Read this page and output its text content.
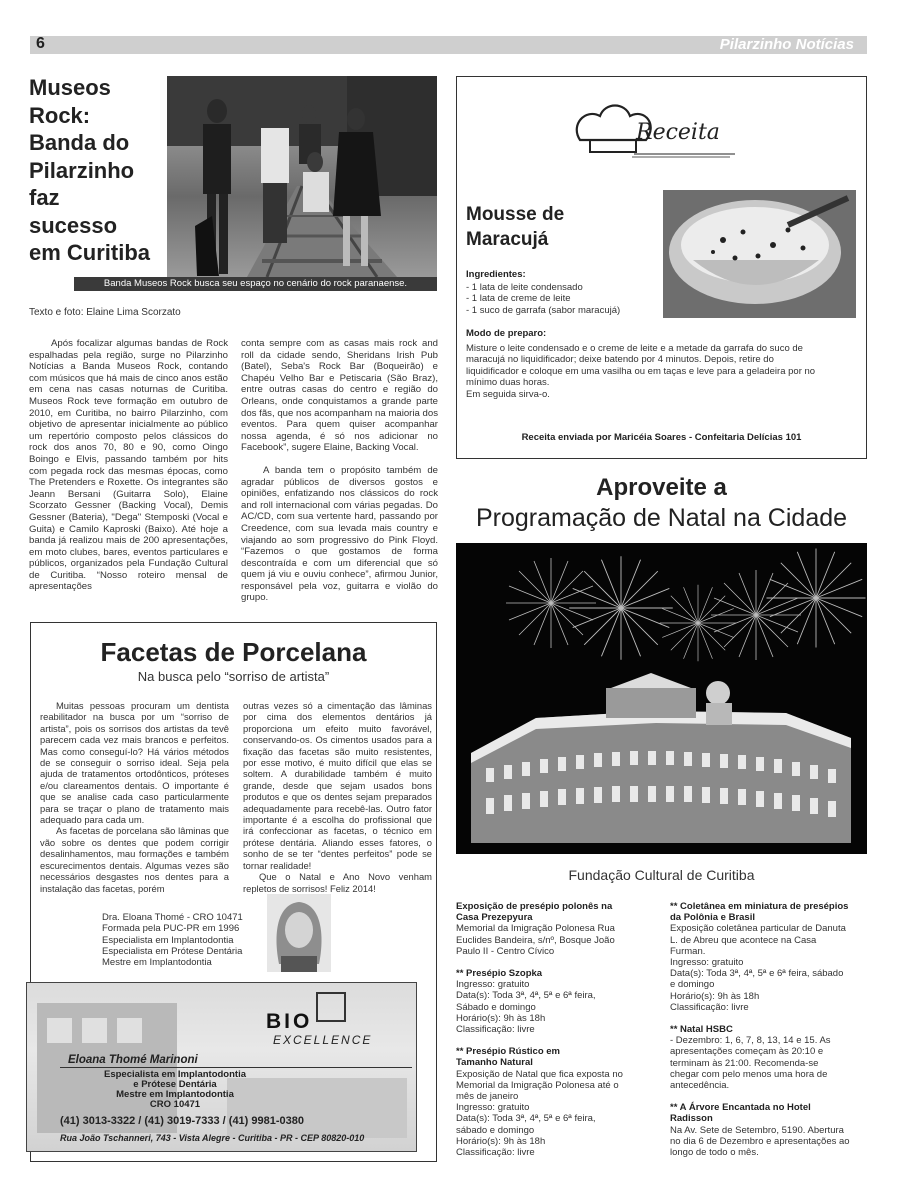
6	Pilarzinho Notícias
Museos
Rock:
Banda do
Pilarzinho
faz
sucesso
em Curitiba
Banda Museos Rock busca seu espaço no cenário do rock paranaense.
Texto e foto: Elaine Lima Scorzato

Após focalizar algumas bandas de Rock espalhadas pela região, surge no Pilarzinho Notícias a Banda Museos Rock, contando com músicos que há mais de cinco anos estão em cena nas casas noturnas de Curitiba. Museos Rock teve formação em outubro de 2010, em Curitiba, no bairro Pilarzinho, com objetivo de apresentar inicialmente ao público um repertório composto pelos clássicos do rock dos anos 70, 80 e 90, como Oingo Boingo e Elvis, passando também por hits com pegada rock das mesmas épocas, como The Pretenders e Roxette. Os integrantes são Jeann Bersani (Guitarra Solo), Elaine Scorzato Gessner (Backing Vocal), Demis Gessner (Bateria), "Dega" Stemposki (Vocal e Guita) e Camilo Kaproski (Baixo). Até hoje a banda já realizou mais de 200 apresentações, em moto clubes, bares, eventos particulares e públicos, organizados pela Fundação Cultural de Curitiba. “Nosso roteiro mensal de apresentações

conta sempre com as casas mais rock and roll da cidade sendo, Sheridans Irish Pub (Batel), Seba's Rock Bar (Boqueirão) e Chapéu Velho Bar e Petiscaria (São Braz), entre outras casas do centro e região do Orleans, onde conquistamos a grande parte dos fãs, que nos acompanham na maioria dos eventos. Para quem quiser acompanhar nossa agenda, é só nos adicionar no Facebook”, sugere Elaine, Backing Vocal.

A banda tem o propósito também de agradar públicos de diversos gostos e opiniões, enfatizando nos clássicos do rock and roll internacional com várias pegadas. Do AC/CD, com sua vertente hard, passando por Creedence, com sua levada mais country e viajando ao som progressivo do Pink Floyd. “Fazemos o que gostamos de forma descontraída e com um diferencial que só quem já viu e ouviu conhece”, afirmou Junior, responsável pela voz, guitarra e violão do grupo.

Receita
Mousse de
Maracujá
Ingredientes:
- 1 lata de leite condensado
- 1 lata de creme de leite
- 1 suco de garrafa (sabor maracujá)
Modo de preparo:
Misture o leite condensado e o creme de leite e a metade da garrafa do suco de
maracujá no liquidificador; deixe batendo por 4 minutos. Depois, retire do
liquidificador e coloque em uma vasilha ou em taças e leve para a geladeira por no
mínimo duas horas.
Em seguida sirva-o.
Receita enviada por Maricéia Soares - Confeitaria Delícias 101
Aproveite a
Programação de Natal na Cidade
Fundação Cultural de Curitiba
Exposição de presépio polonês na
Casa Prezepyura
Memorial da Imigração Polonesa Rua
Euclides Bandeira, s/nº, Bosque João
Paulo II - Centro Cívico
** Presépio Szopka
Ingresso: gratuito
Data(s): Toda 3ª, 4ª, 5ª e 6ª feira,
Sábado e domingo
Horário(s): 9h às 18h
Classificação: livre
** Presépio Rústico em
Tamanho Natural
Exposição de Natal que fica exposta no
Memorial da Imigração Polonesa até o
mês de janeiro
Ingresso: gratuito
Data(s): Toda 3ª, 4ª, 5ª e 6ª feira,
sábado e domingo
Horário(s): 9h às 18h
Classificação: livre
** Coletânea em miniatura de presépios
da Polônia e Brasil
Exposição coletânea particular de Danuta
L. de Abreu que acontece na Casa
Furman.
Ingresso: gratuito
Data(s): Toda 3ª, 4ª, 5ª e 6ª feira, sábado
e domingo
Horário(s): 9h às 18h
Classificação: livre
** Natal HSBC
- Dezembro: 1, 6, 7, 8, 13, 14 e 15. As
apresentações começam às 20:10 e
terminam às 21:00. Recomenda-se
chegar com pelo menos uma hora de
antecedência.
** A Árvore Encantada no Hotel
Radisson
Na Av. Sete de Setembro, 5190. Abertura
no dia 6 de Dezembro e apresentações ao
longo de todo o mês.
Facetas de Porcelana
Na busca pelo “sorriso de artista”

Muitas pessoas procuram um dentista reabilitador na busca por um “sorriso de artista”, pois os sorrisos dos artistas da tevê parecem cada vez mais brancos e perfeitos. Mas como conseguí-lo? Há vários métodos de se conseguir o sorriso ideal. Seja pela ajuda de tratamentos ortodônticos, próteses e/ou clareamentos dentais. O importante é que se analise cada caso particularmente para se traçar o plano de tratamento mais adequado para cada um.

As facetas de porcelana são lâminas que vão sobre os dentes que podem corrigir desalinhamentos, mau formações e também escurecimentos dentais. Algumas vezes são necessários desgastes nos dentes para a instalação das facetas, porém

outras vezes só a cimentação das lâminas por cima dos elementos dentários já proporciona um efeito muito favorável, conservando-os. Os cimentos usados para a fixação das facetas são muito resistentes, por esse motivo, é muito difícil que elas se soltem. A durabilidade também é muito grande, desde que sejam usados bons produtos e que os dentes sejam preparados adequadamente para recebê-las. Outro fator importante é a escolha do profissional que irá confeccionar as facetas, o técnico em prótese dentária. Aliando esses fatores, o sonho de se ter “dentes perfeitos” pode se tornar realidade!

Que o Natal e Ano Novo venham repletos de sorrisos! Feliz 2014!

Dra. Eloana Thomé - CRO 10471
Formada pela PUC-PR em 1996
Especialista em Implantodontia
Especialista em Prótese Dentária
Mestre em Implantodontia
BIO
EXCELLENCE
Eloana Thomé Marinoni
Especialista em Implantodontia
e Prótese Dentária
Mestre em Implantodontia
CRO 10471
(41) 3013-3322 / (41) 3019-7333 / (41) 9981-0380
Rua João Tschanneri, 743 - Vista Alegre - Curitiba - PR - CEP 80820-010
